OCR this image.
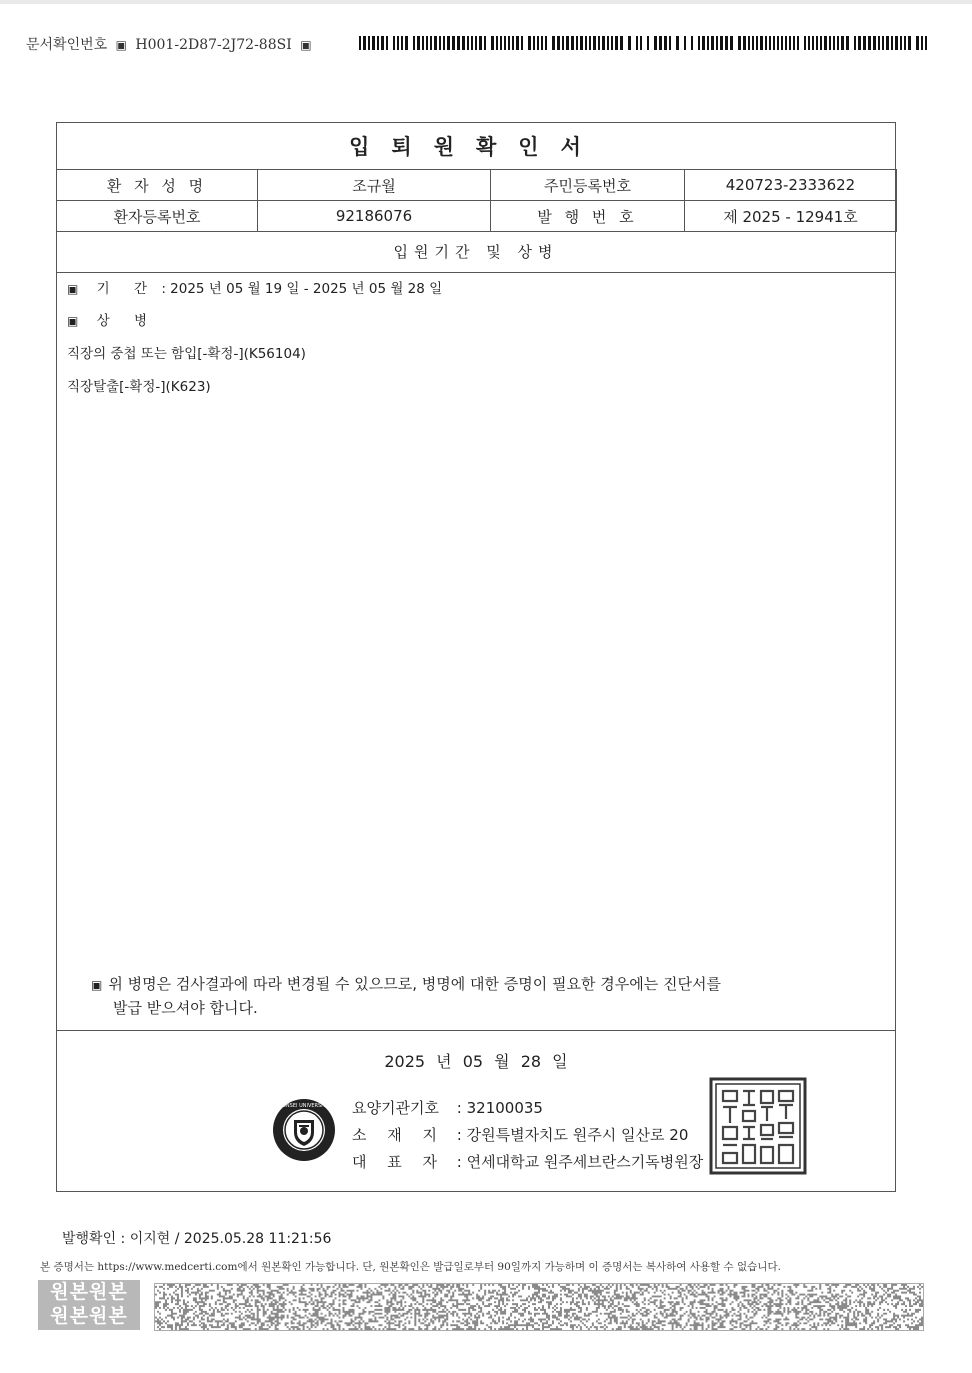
문서확인번호 ▣ H001-2D87-2J72-88SI ▣
입퇴원확인서
환 자 성 명	조규월	주민등록번호	420723-2333622
환자등록번호	92186076	발 행 번 호	제 2025 - 12941호
입원기간 및 상병
▣ 기 간 : 2025 년 05 월 19 일 - 2025 년 05 월 28 일
▣ 상 병
직장의 중첩 또는 함입[-확정-](K56104)
직장탈출[-확정-](K623)
▣ 위 병명은 검사결과에 따라 변경될 수 있으므로, 병명에 대한 증명이 필요한 경우에는 진단서를
발급 받으셔야 합니다.
2025 년 05 월 28 일
YONSEI UNIVERSITY 요양기관기호 : 32100035
소 재 지 : 강원특별자치도 원주시 일산로 20
대 표 자 : 연세대학교 원주세브란스기독병원장
발행확인 : 이지현 / 2025.05.28 11:21:56
본 증명서는 https://www.medcerti.com에서 원본확인 가능합니다. 단, 원본확인은 발급일로부터 90일까지 가능하며 이 증명서는 복사하여 사용할 수 없습니다.
원본원본
원본원본
